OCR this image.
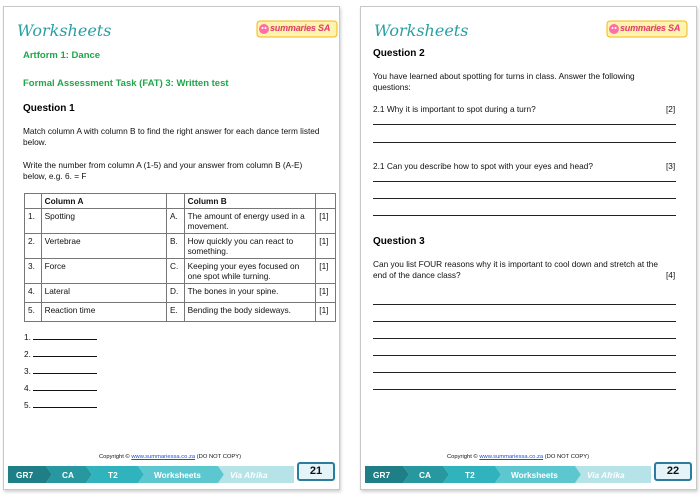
Worksheets	summaries SA
Artform 1: Dance
Formal Assessment Task (FAT) 3: Written test
Question 1
Match column A with column B to find the right answer for each dance term listed below.
Write the number from column A (1-5) and your answer from column B (A-E) below, e.g. 6. = F
	Column A		Column B	
1.	Spotting	A.	The amount of energy used in a movement.	[1]
2.	Vertebrae	B.	How quickly you can react to something.	[1]
3.	Force	C.	Keeping your eyes focused on one spot while turning.	[1]
4.	Lateral	D.	The bones in your spine.	[1]
5.	Reaction time	E.	Bending the body sideways.	[1]
1.
2.
3.
4.
5.
Copyright © www.summariessa.co.za (DO NOT COPY)
GR7	CA	T2	Worksheets	Via Afrika	21
Worksheets	summaries SA
Question 2
You have learned about spotting for turns in class. Answer the following questions:
2.1 Why it is important to spot during a turn?	[2]
2.1 Can you describe how to spot with your eyes and head?	[3]
Question 3
Can you list FOUR reasons why it is important to cool down and stretch at the end of the dance class?	[4]
Copyright © www.summariessa.co.za (DO NOT COPY)
GR7	CA	T2	Worksheets	Via Afrika	22
